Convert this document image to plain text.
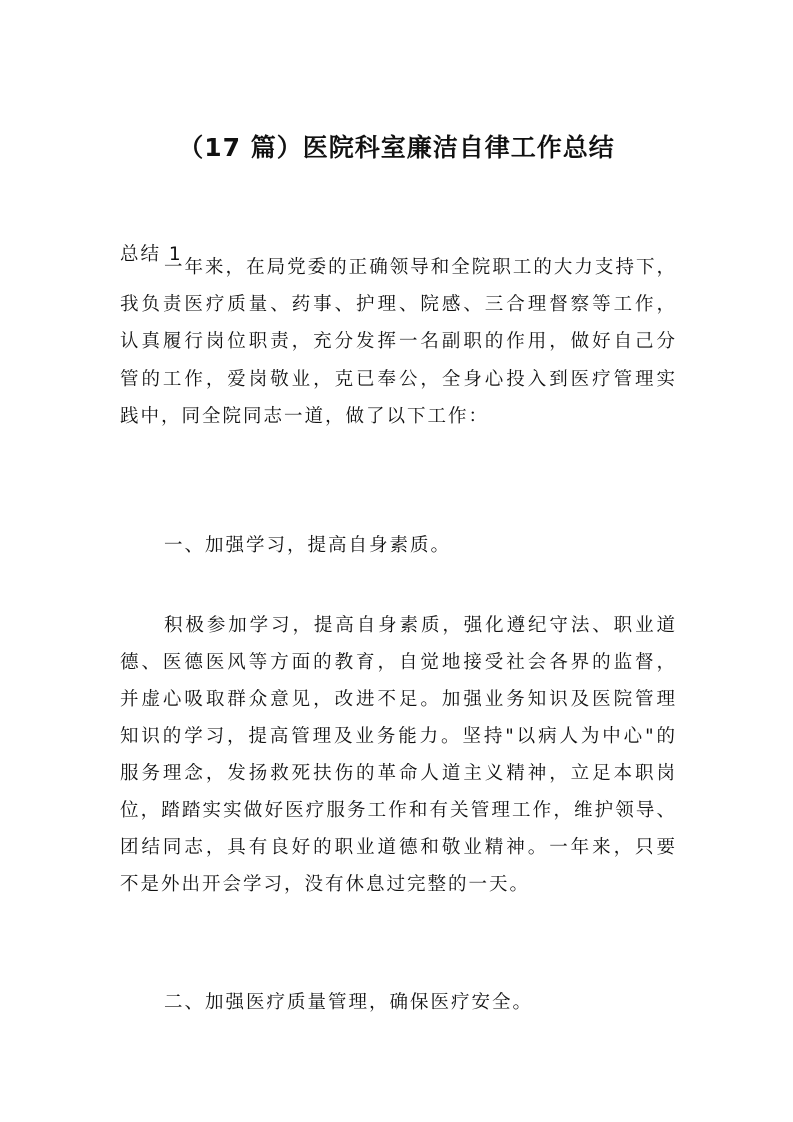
（17 篇）医院科室廉洁自律工作总结
总结 1
一年来，在局党委的正确领导和全院职工的大力支持下，
我负责医疗质量、药事、护理、院感、三合理督察等工作，
认真履行岗位职责，充分发挥一名副职的作用，做好自己分
管的工作，爱岗敬业，克已奉公，全身心投入到医疗管理实
践中，同全院同志一道，做了以下工作：
一、加强学习，提高自身素质。
积极参加学习，提高自身素质，强化遵纪守法、职业道
德、医德医风等方面的教育，自觉地接受社会各界的监督，
并虚心吸取群众意见，改进不足。加强业务知识及医院管理
知识的学习，提高管理及业务能力。坚持"以病人为中心"的
服务理念，发扬救死扶伤的革命人道主义精神，立足本职岗
位，踏踏实实做好医疗服务工作和有关管理工作，维护领导、
团结同志，具有良好的职业道德和敬业精神。一年来，只要
不是外出开会学习，没有休息过完整的一天。
二、加强医疗质量管理，确保医疗安全。
